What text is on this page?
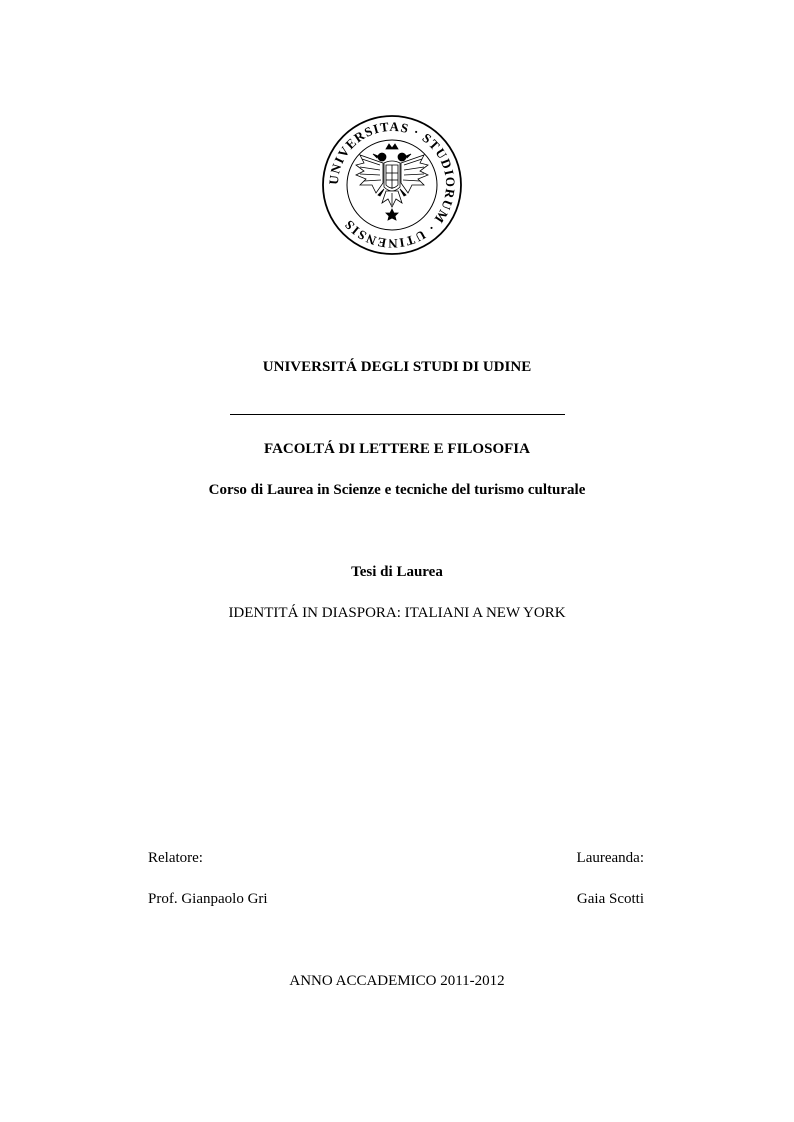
UNIVERSITAS · STUDIORUM · UTINENSIS
UNIVERSITÁ DEGLI STUDI DI UDINE
FACOLTÁ DI LETTERE E FILOSOFIA
Corso di Laurea in Scienze e tecniche del turismo culturale
Tesi di Laurea
IDENTITÁ IN DIASPORA: ITALIANI A NEW YORK
Relatore:
Prof. Gianpaolo Gri
Laureanda:
Gaia Scotti
ANNO ACCADEMICO 2011-2012
